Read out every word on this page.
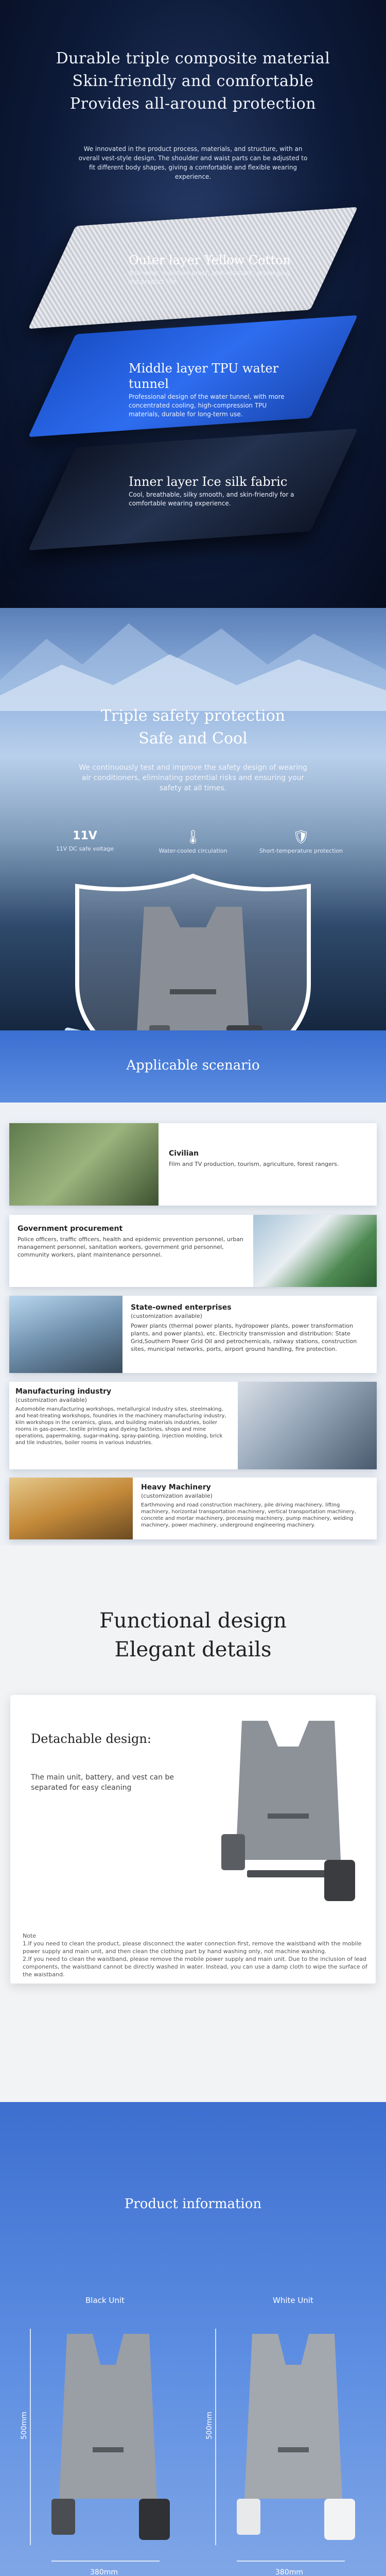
Durable triple composite material
Skin-friendly and comfortable
Provides all-around protection
We innovated in the product process, materials, and structure, with an overall vest-style design. The shoulder and waist parts can be adjusted to fit different body shapes, giving a comfortable and flexible wearing experience.
Outer layer Yellow Cotton
Anti-wear, moisture-proof, tear-resistant, prolonging the product life.
Middle layer TPU water tunnel
Professional design of the water tunnel, with more concentrated cooling, high-compression TPU materials, durable for long-term use.
Inner layer Ice silk fabric
Cool, breathable, silky smooth, and skin-friendly for a comfortable wearing experience.
Triple safety protection
Safe and Cool
We continuously test and improve the safety design of wearing air conditioners, eliminating potential risks and ensuring your safety at all times.
11V
11V DC safe voltage
🌡
Water-cooled circulation
🛡
Short-temperature protection
Applicable scenario
Civilian
Film and TV production, tourism, agriculture, forest rangers.
Government procurement
Police officers, traffic officers, health and epidemic prevention personnel, urban management personnel, sanitation workers, government grid personnel, community workers, plant maintenance personnel.
State-owned enterprises
(customization available)
Power plants (thermal power plants, hydropower plants, power transformation plants, and power plants), etc. Electricity transmission and distribution: State Grid,Southern Power Grid Oil and petrochemicals, railway stations, construction sites, municipal networks, ports, airport ground handling, fire protection.
Manufacturing industry
(customization available)
Automobile manufacturing workshops, metallurgical industry sites, steelmaking, and heat-treating workshops, foundries in the machinery manufacturing industry, kiln workshops in the ceramics, glass, and building materials industries, boiler rooms in gas-power, textile printing and dyeing factories, shops and mine operations, papermaking, sugar-making, spray-painting, injection molding, brick and tile industries, boiler rooms in various industries.
Heavy Machinery
(customization available)
Earthmoving and road construction machinery, pile driving machinery, lifting machinery, horizontal transportation machinery, vertical transportation machinery, concrete and mortar machinery, processing machinery, pump machinery, welding machinery, power machinery, underground engineering machinery.
Functional design
Elegant details
Detachable design:
The main unit, battery, and vest can be separated for easy cleaning
Note
1.If you need to clean the product, please disconnect the water connection first, remove the waistband with the mobile power supply and main unit, and then clean the clothing part by hand washing only, not machine washing.
2.If you need to clean the waistband, please remove the mobile power supply and main unit. Due to the inclusion of lead components, the waistband cannot be directly washed in water. Instead, you can use a damp cloth to wipe the surface of the waistband.
Product information
Black Unit	White Unit
500mm
380mm
500mm
380mm
